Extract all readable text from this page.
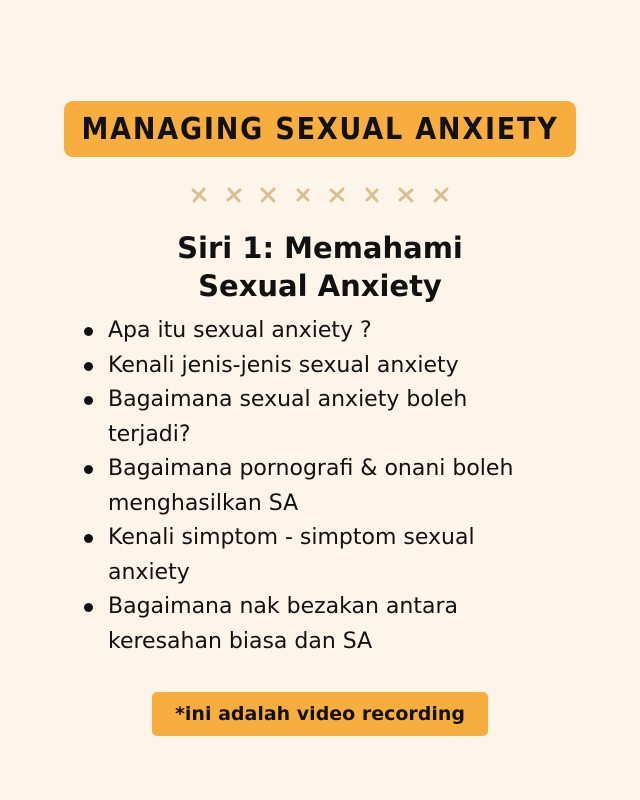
MANAGING SEXUAL ANXIETY
Siri 1: Memahami
Sexual Anxiety
Apa itu sexual anxiety ?
Kenali jenis-jenis sexual anxiety
Bagaimana sexual anxiety boleh terjadi?
Bagaimana pornografi & onani boleh menghasilkan SA
Kenali simptom - simptom sexual anxiety
Bagaimana nak bezakan antara keresahan biasa dan SA
*ini adalah video recording
